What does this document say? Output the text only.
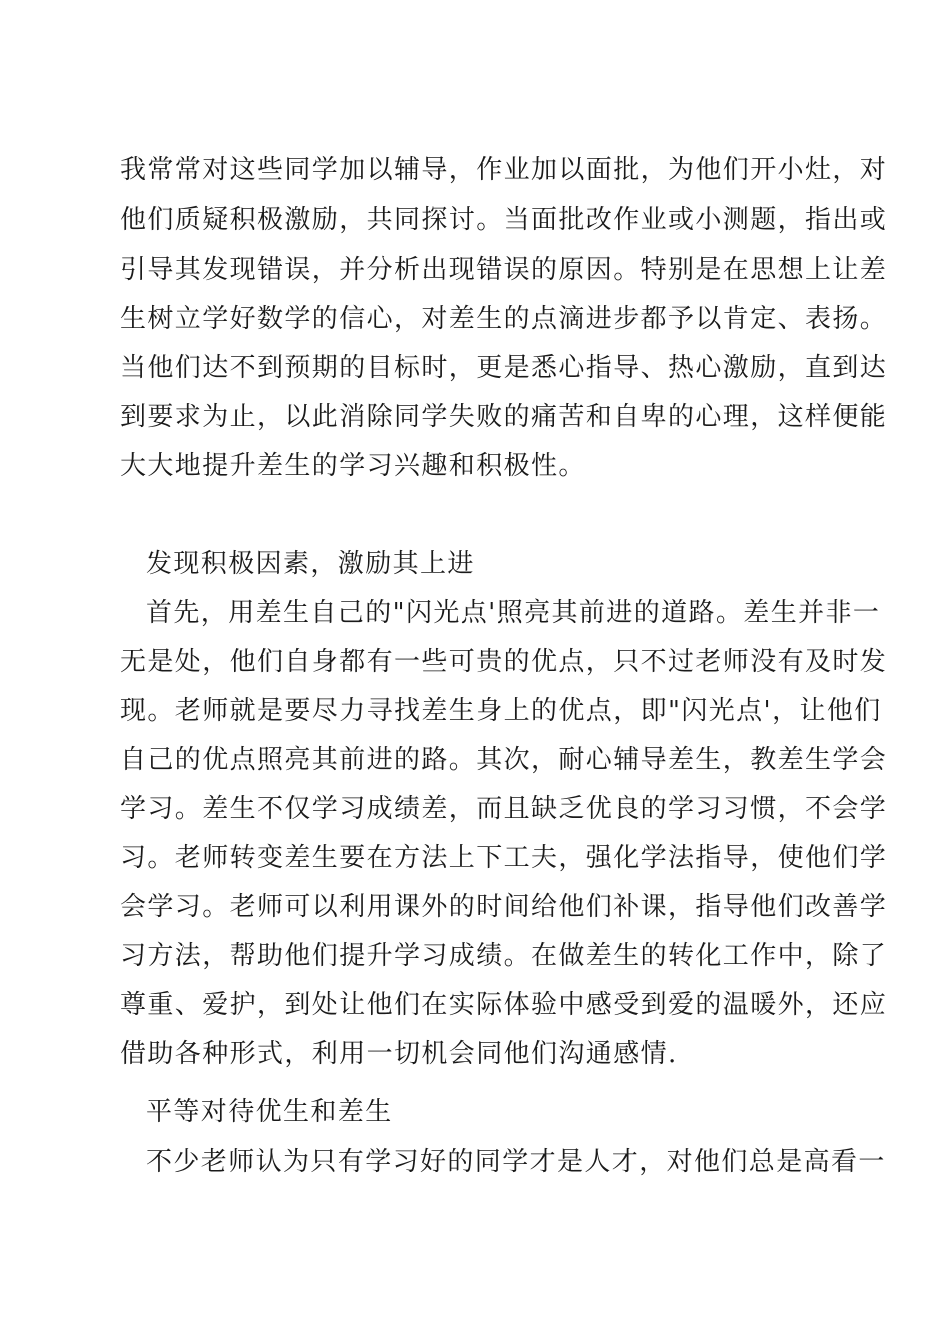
我常常对这些同学加以辅导，作业加以面批，为他们开小灶，对
他们质疑积极激励，共同探讨。当面批改作业或小测题，指出或
引导其发现错误，并分析出现错误的原因。特别是在思想上让差
生树立学好数学的信心，对差生的点滴进步都予以肯定、表扬。
当他们达不到预期的目标时，更是悉心指导、热心激励，直到达
到要求为止，以此消除同学失败的痛苦和自卑的心理，这样便能
大大地提升差生的学习兴趣和积极性。
发现积极因素，激励其上进
首先，用差生自己的"闪光点'照亮其前进的道路。差生并非一
无是处，他们自身都有一些可贵的优点，只不过老师没有及时发
现。老师就是要尽力寻找差生身上的优点，即"闪光点'，让他们
自己的优点照亮其前进的路。其次，耐心辅导差生，教差生学会
学习。差生不仅学习成绩差，而且缺乏优良的学习习惯，不会学
习。老师转变差生要在方法上下工夫，强化学法指导，使他们学
会学习。老师可以利用课外的时间给他们补课，指导他们改善学
习方法，帮助他们提升学习成绩。在做差生的转化工作中，除了
尊重、爱护，到处让他们在实际体验中感受到爱的温暖外，还应
借助各种形式，利用一切机会同他们沟通感情.
平等对待优生和差生
不少老师认为只有学习好的同学才是人才，对他们总是高看一
